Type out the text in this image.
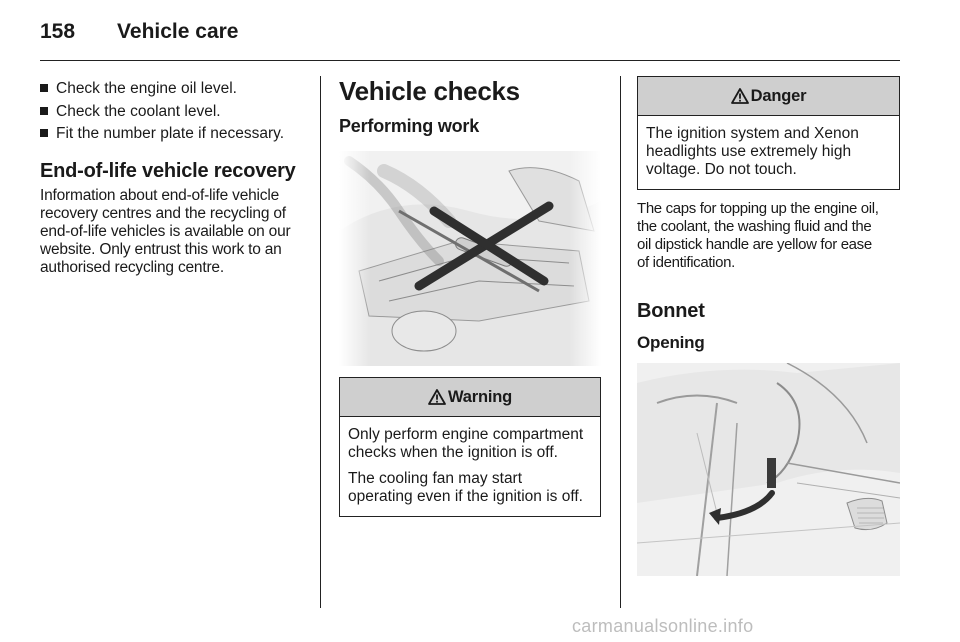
158 Vehicle care
Check the engine oil level.
Check the coolant level.
Fit the number plate if necessary.
End-of-life vehicle recovery

Information about end-of-life vehicle
recovery centres and the recycling of
end-of-life vehicles is available on our
website. Only entrust this work to an
authorised recycling centre.

Vehicle checks
Performing work
Warning

Only perform engine compartment
checks when the ignition is off.

The cooling fan may start
operating even if the ignition is off.

Danger

The ignition system and Xenon
headlights use extremely high
voltage. Do not touch.

The caps for topping up the engine oil,
the coolant, the washing fluid and the
oil dipstick handle are yellow for ease
of identification.

Bonnet
Opening
carmanualsonline.info
